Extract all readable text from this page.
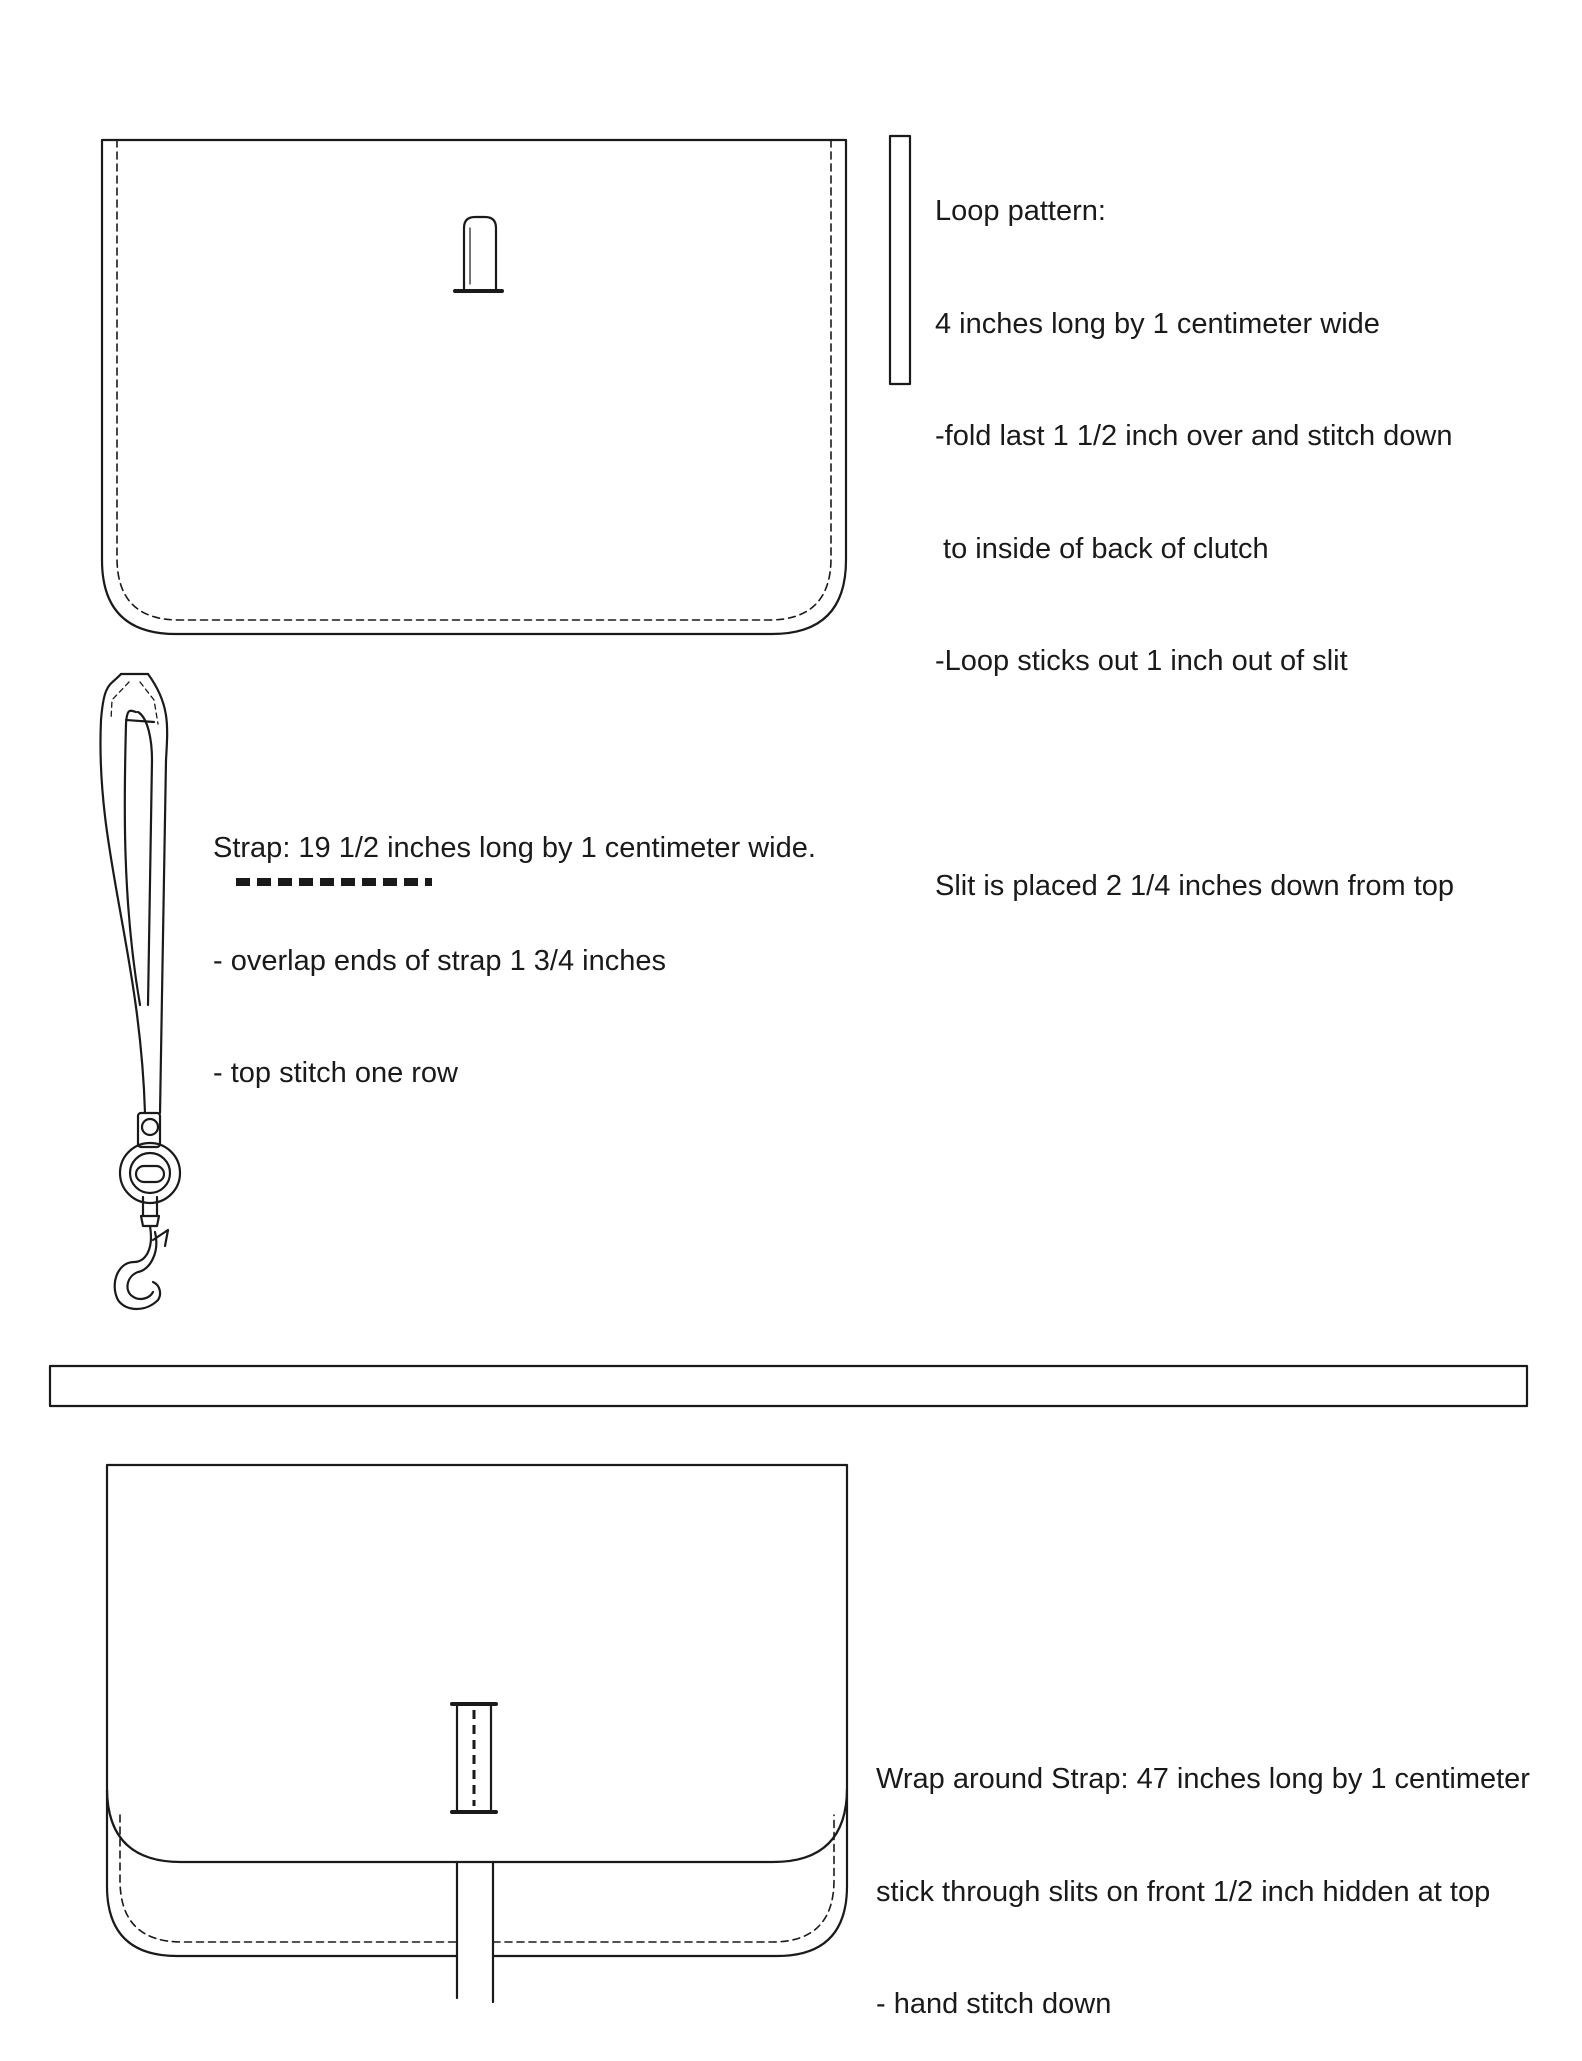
Loop pattern:

4 inches long by 1 centimeter wide

-fold last 1 1/2 inch over and stitch down

to inside of back of clutch

-Loop sticks out 1 inch out of slit

Slit is placed 2 1/4 inches down from top

Strap: 19 1/2 inches long by 1 centimeter wide.

- overlap ends of strap 1 3/4 inches

- top stitch one row

Wrap around Strap: 47 inches long by 1 centimeter

stick through slits on front 1/2 inch hidden at top

- hand stitch down
